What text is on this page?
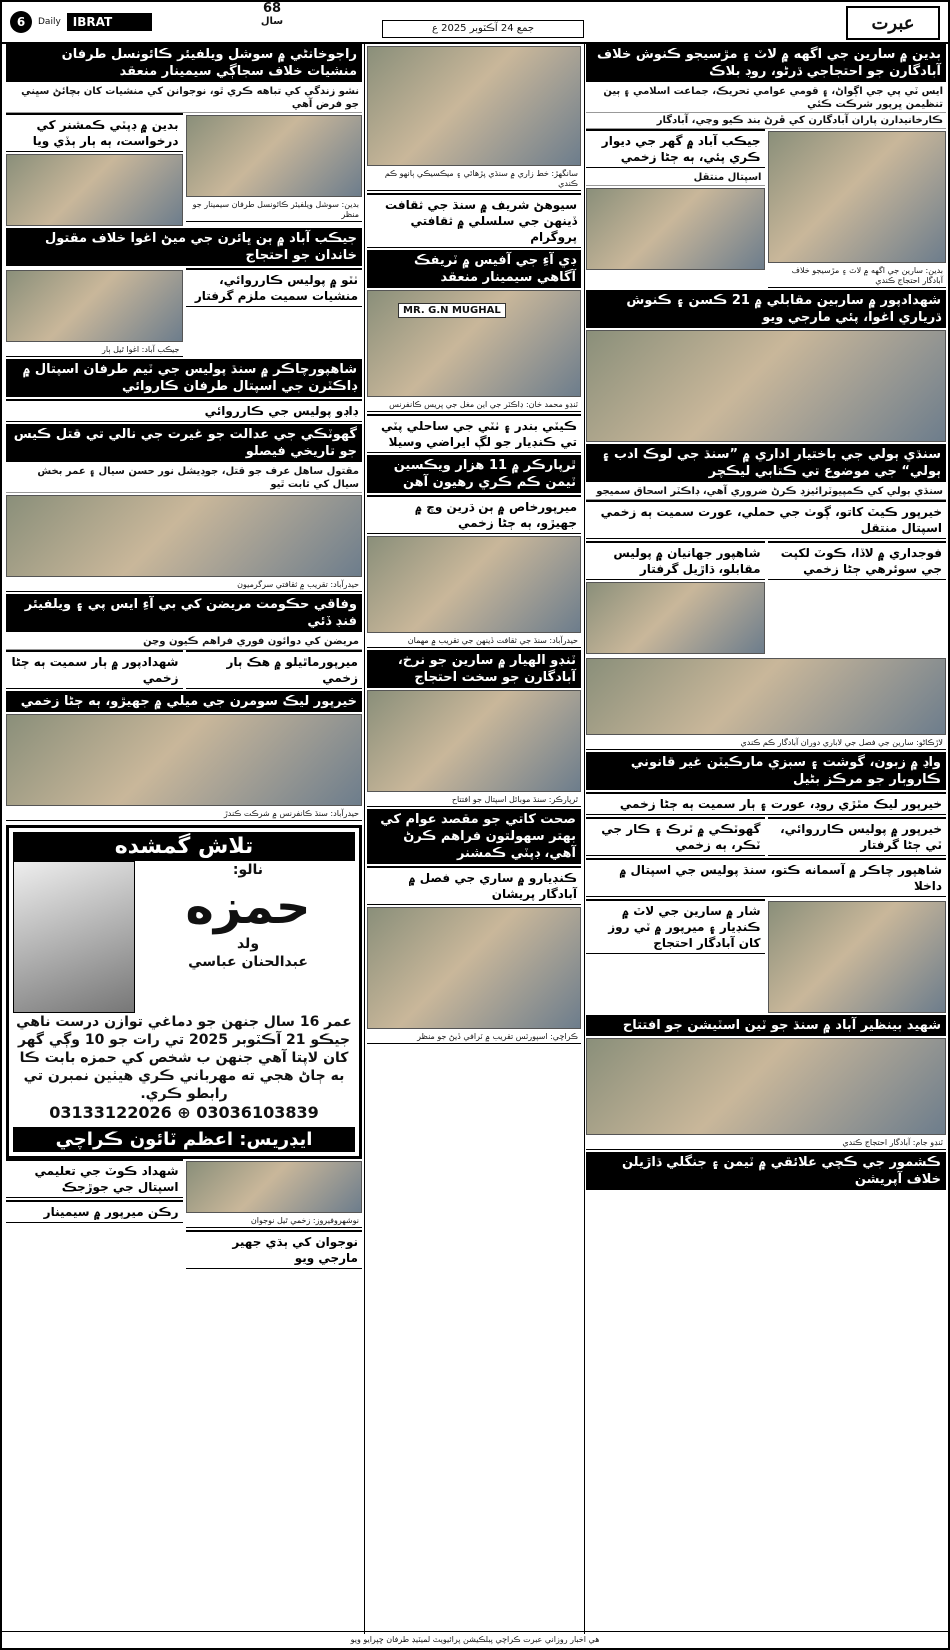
6	Daily	IBRAT
68
سال
جمع 24 آڪٽوبر 2025 ع	عبرت
بدين ۾ سارين جي اگهه ۾ لاٽ ۽ مڙسيجو ڪنوش خلاف آبادگارن جو احتجاجي ڌرڻو، روڊ بلاڪ
ايس ٽي پي جي اڳواڻ، ۽ قومي عوامي تحريڪ، جماعت اسلامي ۽ ٻين تنظيمن ڀرپور شرڪت ڪئي
ڪارخانيدارن پاران آبادگارن کي ڦرڻ بند ڪيو وڃي، آبادگار
جيڪب آباد ۾ گهر جي ديوار ڪري پئي، ٻه ڄڻا زخمي
اسپتال منتقل
بدين: سارين جي اگهه ۾ لاٽ ۽ مڙسيجو خلاف آبادگار احتجاج ڪندي
شهدادپور ۾ ساربين مقابلي ۾ 21 ڪسن ۽ ڪنوش ڌرياري اغوا، پئي مارجي ويو
سنڌي ٻولي جي باختيار اداري ۾ ”سنڌ جي لوڪ ادب ۽ ٻولي“ جي موضوع تي ڪتابي ليڪچر
سنڌي ٻولي کي ڪمپيوٽرائيزڊ ڪرڻ ضروري آهي، ڊاڪٽر اسحاق سميجو
خيرپور ڪيٽ کاتو، ڳوٺ جي حملي، عورت سميت ٻه زخمي اسپتال منتقل
شاهپور جهانيان ۾ پوليس مقابلو، ڌاڙيل گرفتار
فوجداري ۾ لاڏا، ڪوٽ لکپت جي سوئرهي ڄڻا زخمي
لاڙڪاڻو: سارين جي فصل جي لاباري دوران آبادگار ڪم ڪندي
واڍ ۾ زبون، گوشت ۽ سبزي مارڪيٽن غير قانوني ڪاروبار جو مرڪز بڻيل
خيرپور ليڪ مٿڙي روڊ، عورت ۽ ٻار سميت ٻه ڄڻا زخمي
گهوٽڪي ۾ ٽرڪ ۽ ڪار جي ٽڪر، ٻه زخمي
خيرپور ۾ پوليس ڪارروائي، ٽي ڄڻا گرفتار
شاهپور چاڪر ۾ آسمانه ڪتو، سنڌ پوليس جي اسپتال ۾ داخلا
شار ۾ سارين جي لاٽ ۾ ڪنڊيار ۽ ميرپور ۾ ٽي روز کان آبادگار احتجاج
شهيد بينظير آباد ۾ سنڌ جو ٽين اسٽيشن جو افتتاح
ٽنڊو جام: آبادگار احتجاج ڪندي
ڪشمور جي ڪچي علائقي ۾ ٽيمن ۽ جنگلي ڌاڙيلن خلاف آپريشن
سانگهڙ: خط زاري ۾ سنڌي پڙهائي ۽ ميڪسيڪي ٻانهو ڪم ڪندي
سيوهڻ شريف ۾ سنڌ جي ثقافت ڏينهن جي سلسلي ۾ ثقافتي پروگرام
ڊي آءِ جي آفيس ۾ ٽريفڪ آگاهي سيمينار منعقد
MR. G.N MUGHAL
ٽنڊو محمد خان: ڊاڪٽر جي اين مغل جي پريس ڪانفرنس
ڪيٽي بندر ۽ ٺٽي جي ساحلي پٽي تي ڪنڊيار جو لڳ ايراضي وسيلا
ٿرپارڪر ۾ 11 هزار ويڪسين ٽيمن ڪم ڪري رهيون آهن
ميرپورخاص ۾ ٻن ڌرين وچ ۾ جهيڙو، ٻه ڄڻا زخمي
حيدرآباد: سنڌ جي ثقافت ڏينهن جي تقريب ۾ مهمان
ٽنڊو الهيار ۾ سارين جو نرخ، آبادگارن جو سخت احتجاج
ٿرپارڪر: سنڌ موبائل اسپتال جو افتتاح
صحت کاتي جو مقصد عوام کي بهتر سهولتون فراهم ڪرڻ آهي، ڊپٽي ڪمشنر
ڪنڊيارو ۾ ساري جي فصل ۾ آبادگار پريشان
ڪراچي: اسپورٽس تقريب ۾ ٽرافي ڏيڻ جو منظر
راجوخانڻي ۾ سوشل ويلفيئر ڪائونسل طرفان منشيات خلاف سجاڳي سيمينار منعقد
نشو زندگي کي تباهه ڪري ٿو، نوجوانن کي منشيات کان بچائڻ سڀني جو فرض آهي
بدين ۾ ڊپٽي ڪمشنر کي درخواست، ٻه ٻار ٻڏي ويا
بدين: سوشل ويلفيئر ڪائونسل طرفان سيمينار جو منظر
جيڪب آباد ۾ ٻن ڀائرن جي ميڻ اغوا خلاف مقتول خاندان جو احتجاج
جيڪب آباد: اغوا ٿيل ٻار
ٺٽو ۾ پوليس ڪارروائي، منشيات سميت ملزم گرفتار
شاهپورچاڪر ۾ سنڌ پوليس جي ٽيم طرفان اسپتال ۾ ڊاڪٽرن جي اسپتال طرفان ڪاروائي
ڊاڊو پوليس جي ڪارروائي
گهوٽڪي جي عدالت جو غيرت جي نالي تي قتل ڪيس جو تاريخي فيصلو
مقتول ساهل عرف جو قتل، جوڊيشل نور حسن سيال ۽ عمر بخش سيال کي ثابت ٿيو
حيدرآباد: تقريب ۾ ثقافتي سرگرميون
وفاقي حڪومت مريضن کي بي آءِ ايس پي ۽ ويلفيئر فنڊ ڏئي
مريضن کي دوائون فوري فراهم ڪيون وڃن
شهدادپور ۾ ٻار سميت ٻه ڄڻا زخمي
ميرپورماٿيلو ۾ هڪ ٻار زخمي
خيرپور ليڪ سومرن جي ميلي ۾ جهيڙو، ٻه ڄڻا زخمي
حيدرآباد: سنڌ ڪانفرنس ۾ شرڪت ڪندڙ
تلاش گمشده
نالو:
حمزه
ولد
عبدالحنان عباسي
عمر 16 سال جنهن جو دماغي توازن درست ناهي جيڪو 21 آڪٽوبر 2025 تي رات جو 10 وڳي گهر کان لاپتا آهي جنهن ب شخص کي حمزه بابت ڪا به ڄاڻ هجي ته مهرباني ڪري هيٺين نمبرن تي رابطو ڪري.
03133122026 ⊕ 03036103839
ايڊريس: اعظم ٽائون ڪراچي
شهداد ڪوٽ جي تعليمي اسپتال جي جوڙجڪ
رڪن ميرپور ۾ سيمينار
نوشهروفيروز: زخمي ٿيل نوجوان
نوجوان کي ٻڌي جهير مارجي ويو
هي اخبار روزاني عبرت ڪراچي پبلڪيشن پرائيويٽ لميٽيڊ طرفان ڇپرايو ويو
